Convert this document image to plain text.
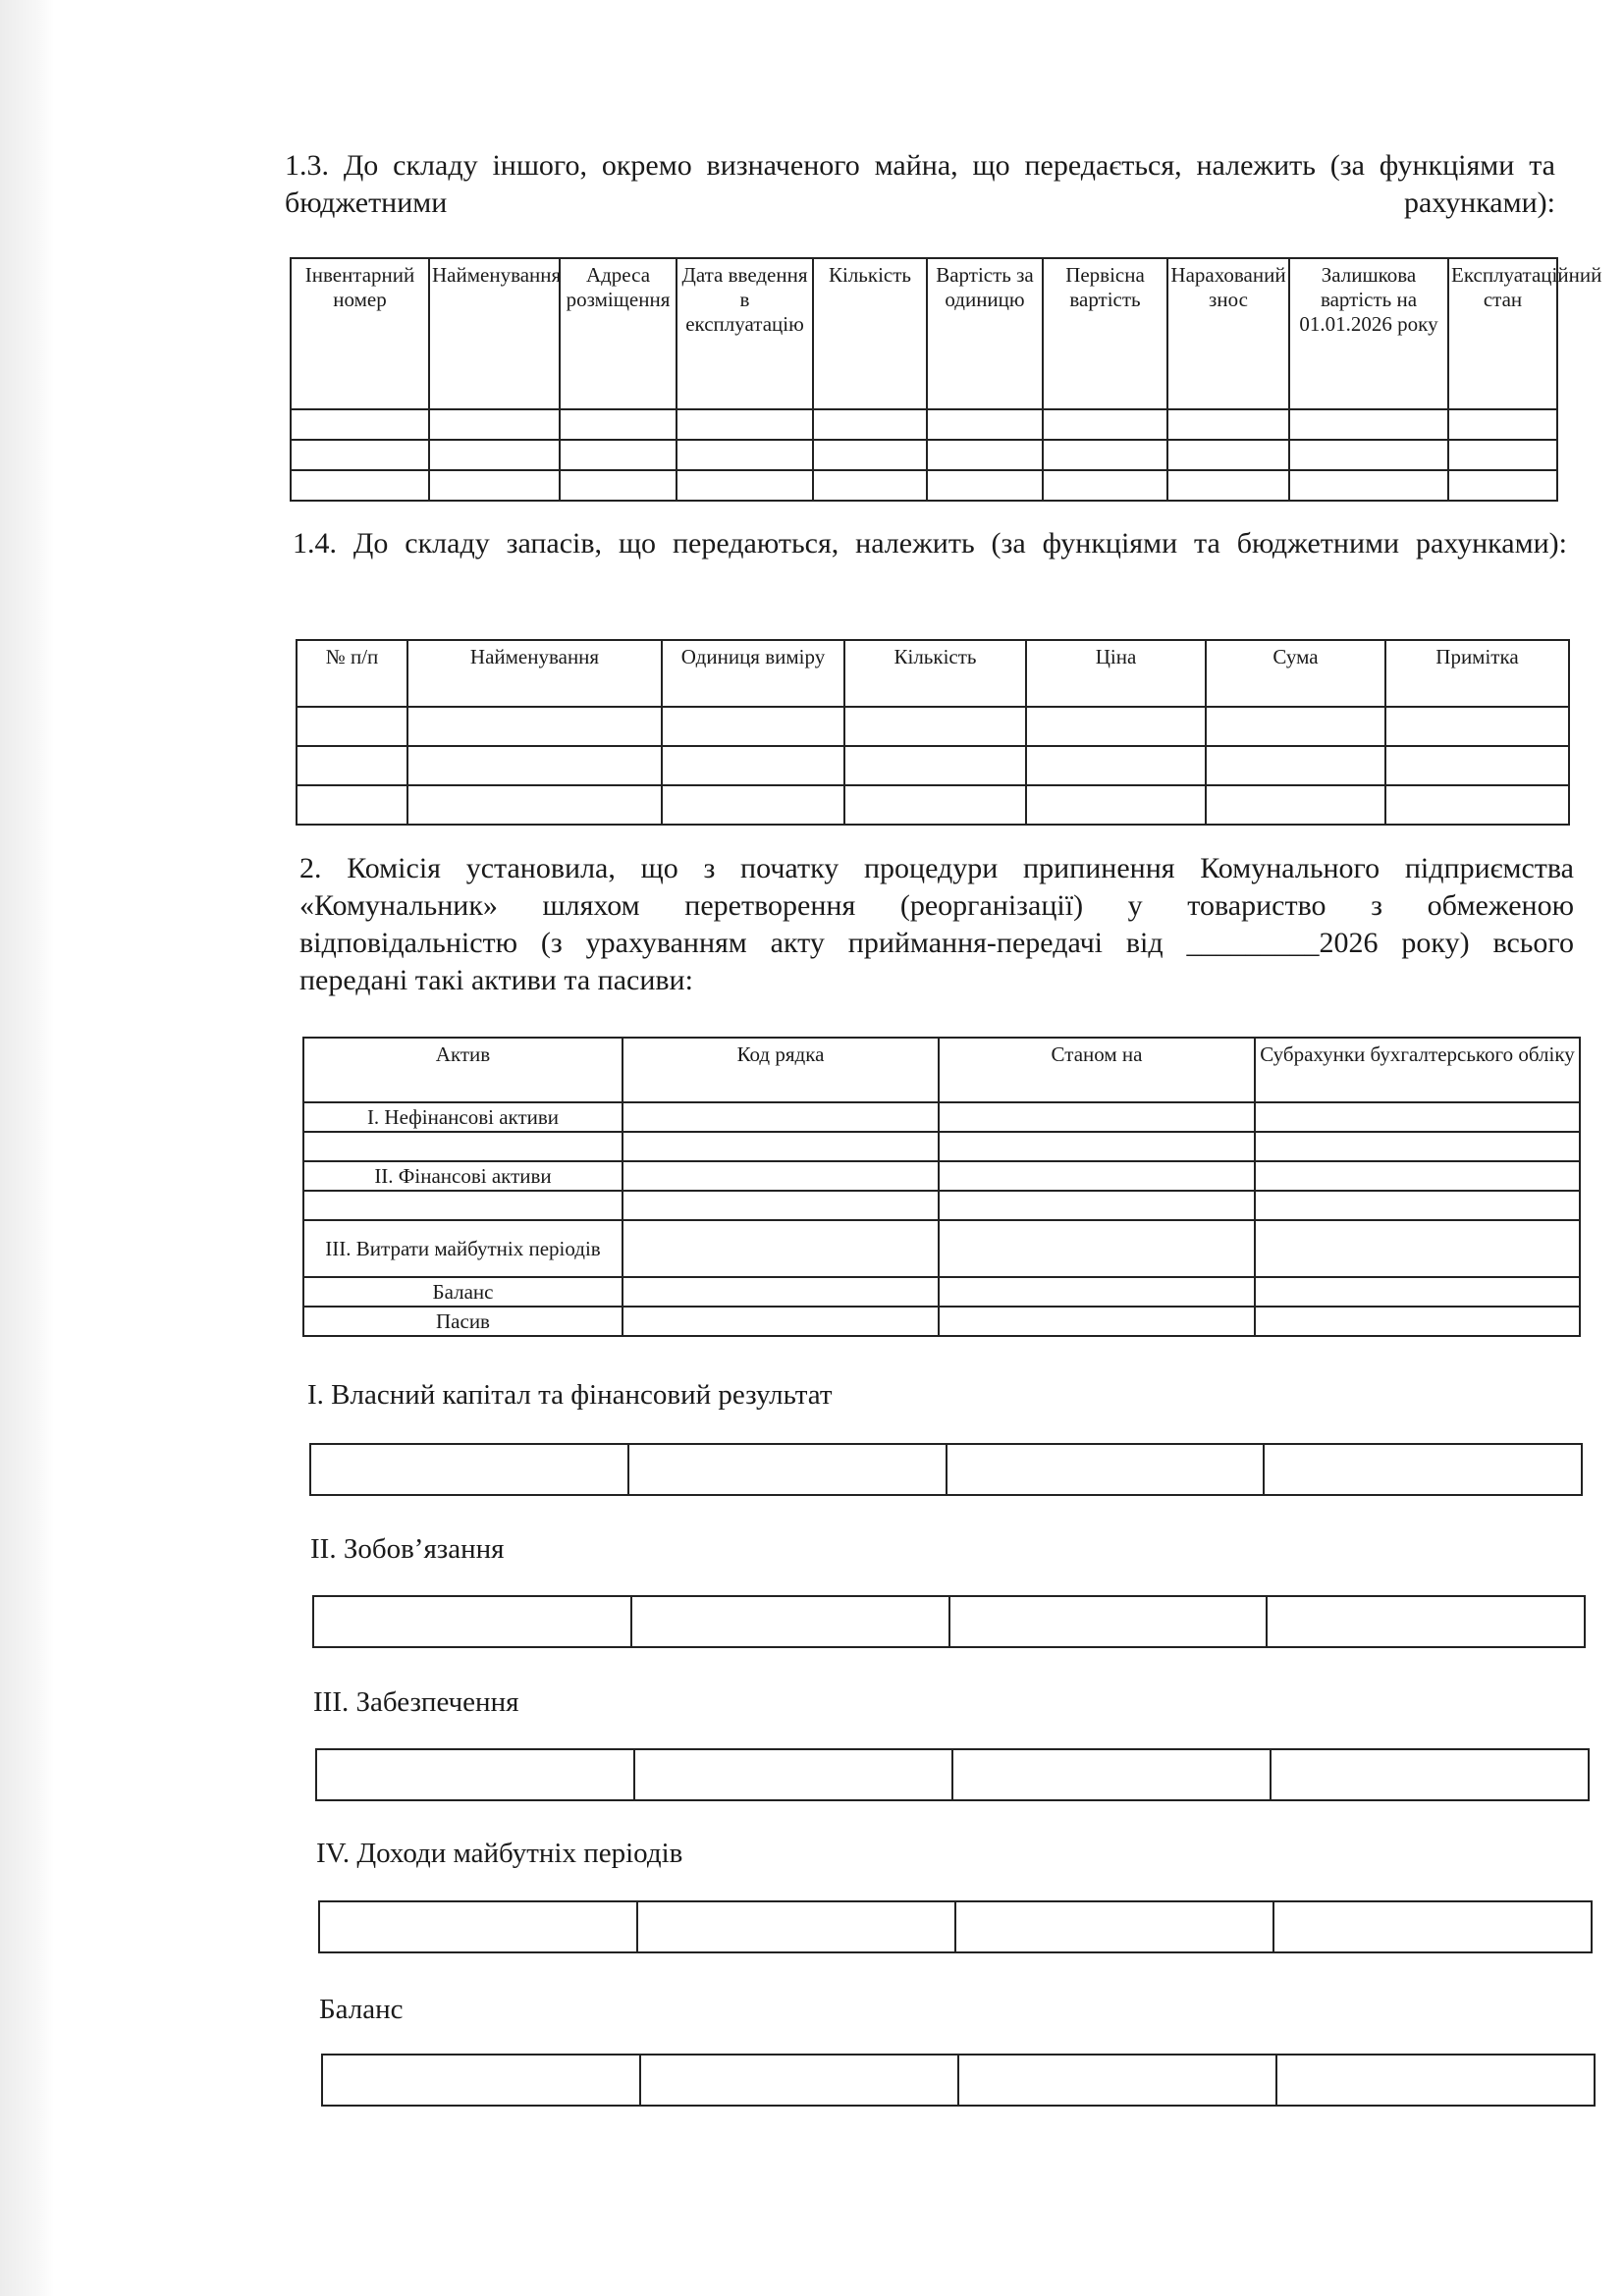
1.3. До складу іншого, окремо визначеного майна, що передається, належить (за функціями та бюджетними рахунками):

Інвентарний номер	Найменування	Адреса розміщення	Дата введення в експлуатацію	Кількість	Вартість за одиницю	Первісна вартість	Нарахований знос	Залишкова вартість на 01.01.2026 року	Експлуатаційний стан

1.4. До складу запасів, що передаються, належить (за функціями та бюджетними рахунками):

№ п/п	Найменування	Одиниця виміру	Кількість	Ціна	Сума	Примітка

2. Комісія установила, що з початку процедури припинення Комунального підприємства

«Комунальник» шляхом перетворення (реорганізації) у товариство з обмеженою

відповідальністю (з урахуванням акту приймання-передачі від _________2026 року) всього

передані такі активи та пасиви:

Актив	Код рядка	Станом на	Субрахунки бухгалтерського обліку
І. Нефінансові активи			

ІІ. Фінансові активи			

ІІІ. Витрати майбутніх періодів			
Баланс			
Пасив			
І. Власний капітал та фінансовий результат

ІІ. Зобов’язання

ІІІ. Забезпечення

IV. Доходи майбутніх періодів

Баланс
